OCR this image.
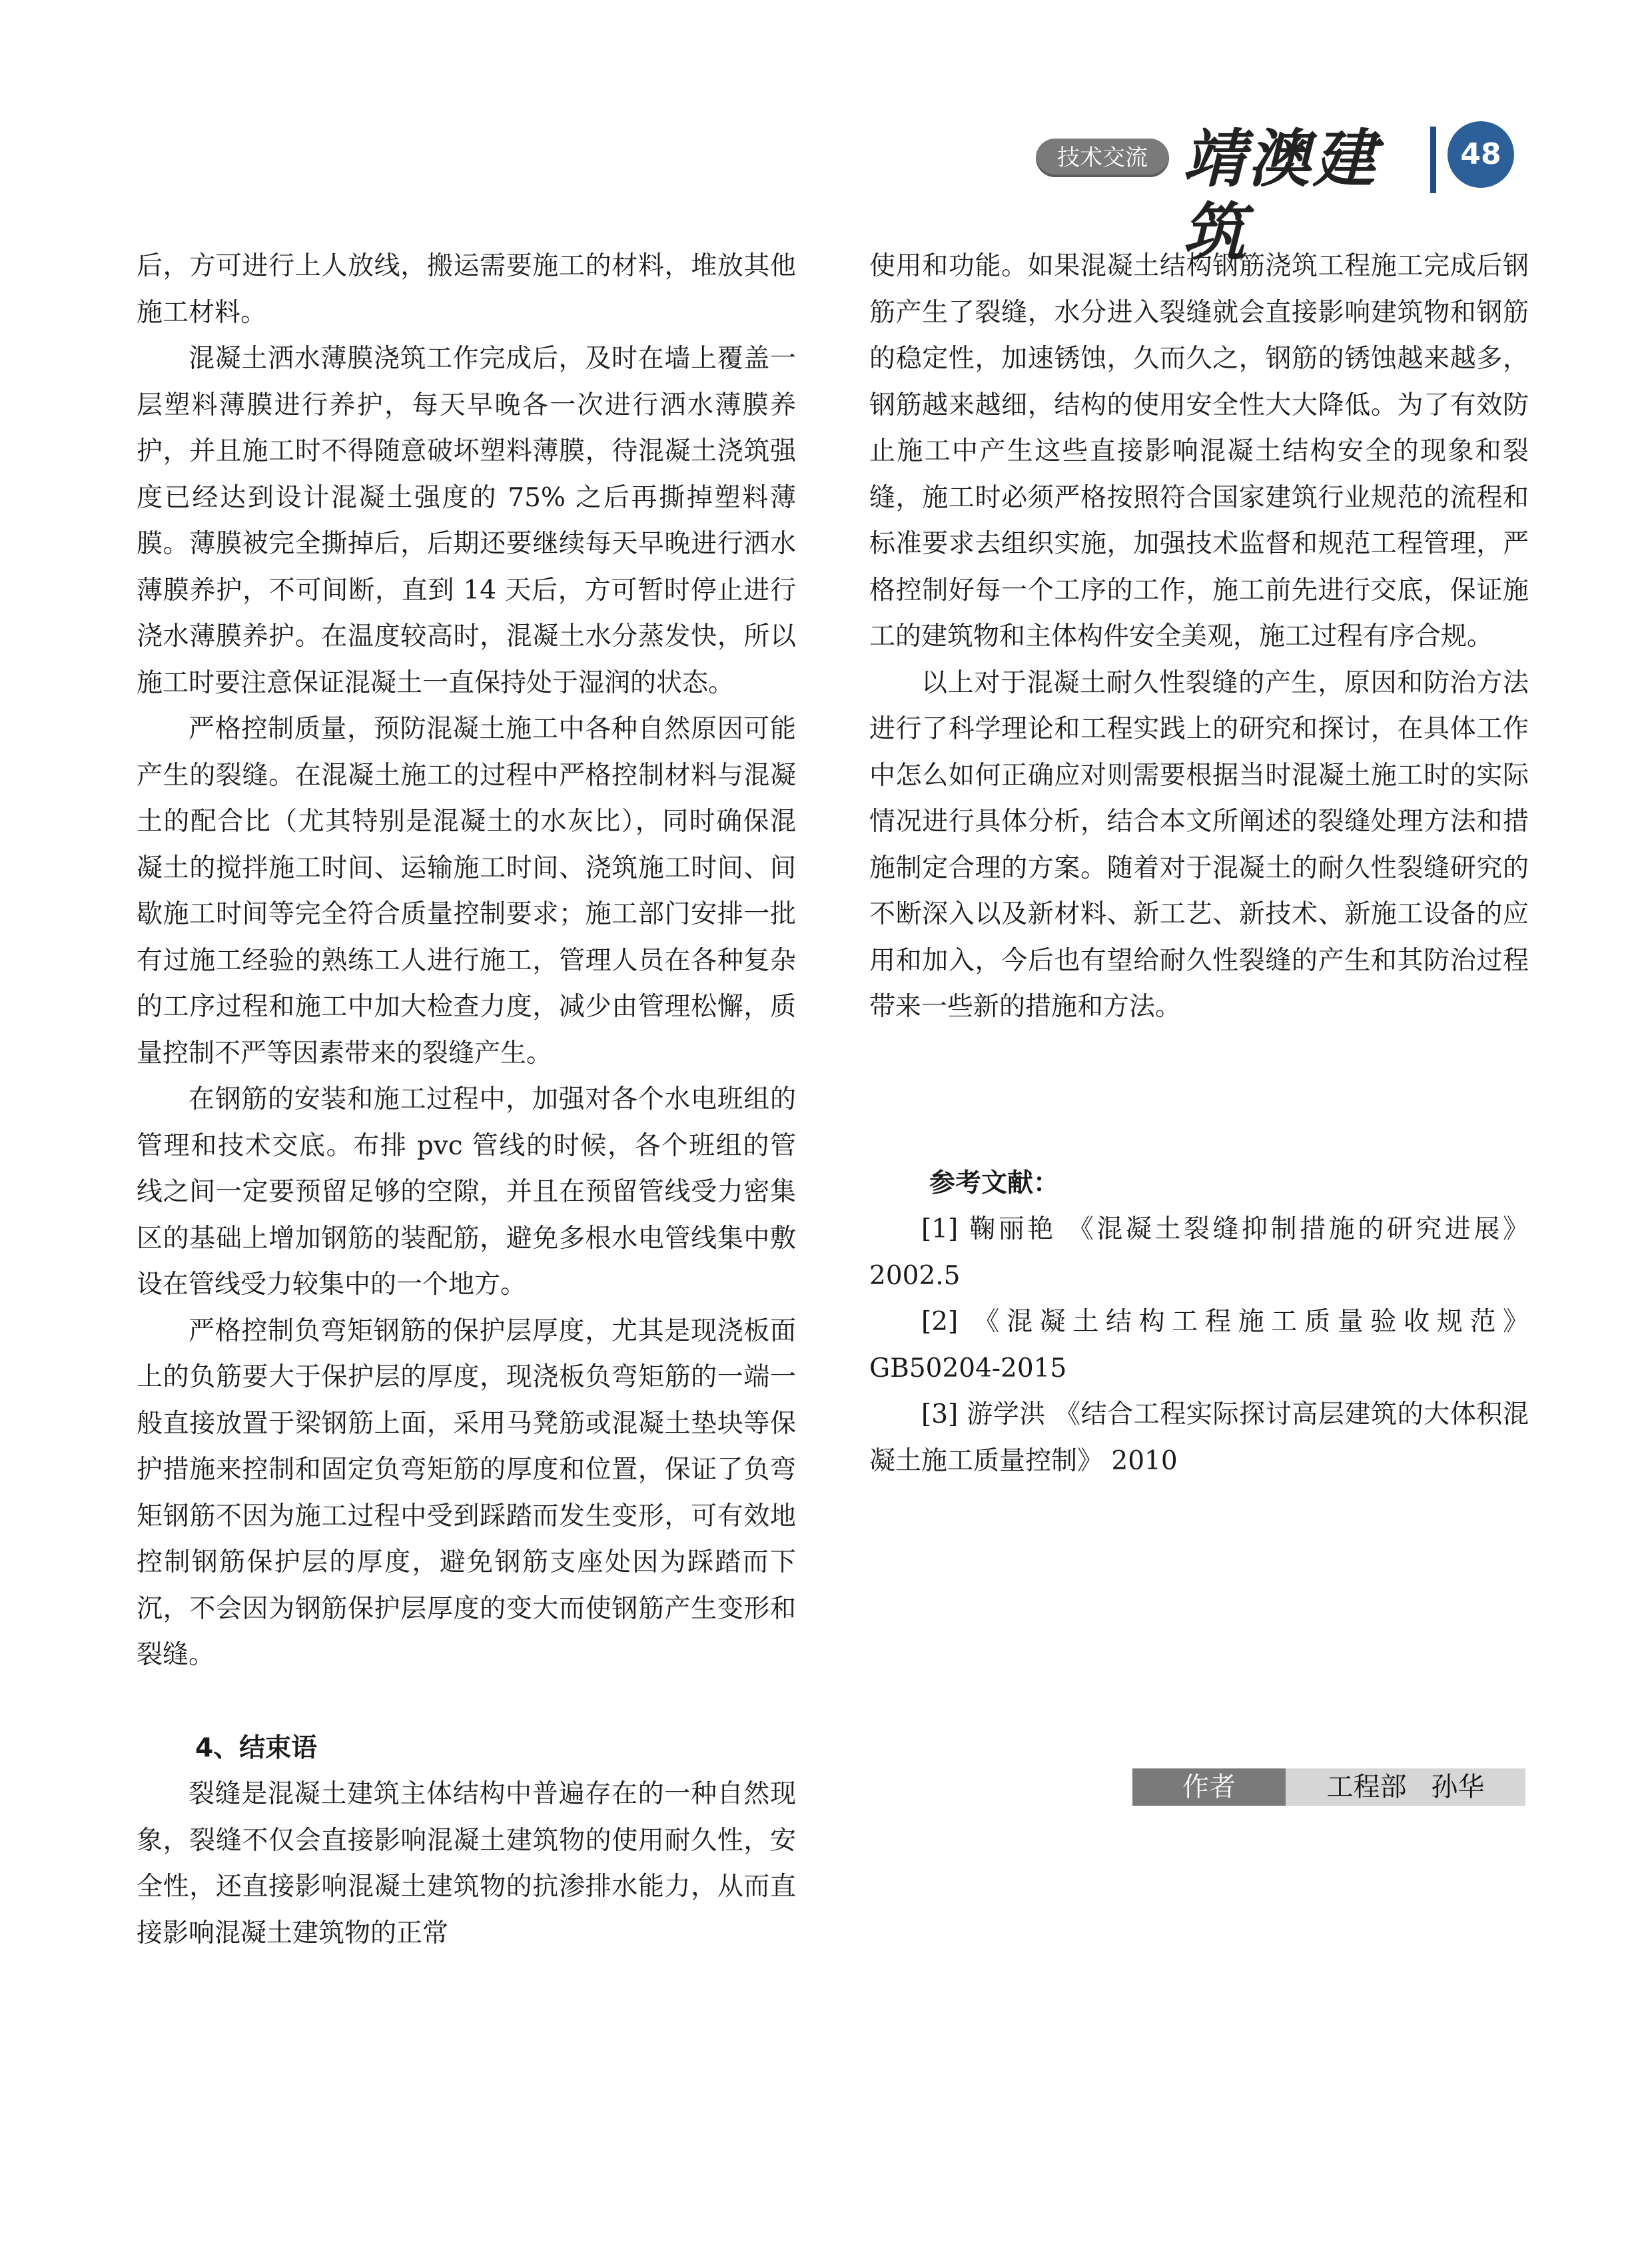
技术交流 靖澳建筑
48

后，方可进行上人放线，搬运需要施工的材料，堆放其他施工材料。

混凝土洒水薄膜浇筑工作完成后，及时在墙上覆盖一层塑料薄膜进行养护，每天早晚各一次进行洒水薄膜养护，并且施工时不得随意破坏塑料薄膜，待混凝土浇筑强度已经达到设计混凝土强度的 75% 之后再撕掉塑料薄膜。薄膜被完全撕掉后，后期还要继续每天早晚进行洒水薄膜养护，不可间断，直到 14 天后，方可暂时停止进行浇水薄膜养护。在温度较高时，混凝土水分蒸发快，所以施工时要注意保证混凝土一直保持处于湿润的状态。

严格控制质量，预防混凝土施工中各种自然原因可能产生的裂缝。在混凝土施工的过程中严格控制材料与混凝土的配合比（尤其特别是混凝土的水灰比），同时确保混凝土的搅拌施工时间、运输施工时间、浇筑施工时间、间歇施工时间等完全符合质量控制要求；施工部门安排一批有过施工经验的熟练工人进行施工，管理人员在各种复杂的工序过程和施工中加大检查力度，减少由管理松懈，质量控制不严等因素带来的裂缝产生。

在钢筋的安装和施工过程中，加强对各个水电班组的管理和技术交底。布排 pvc 管线的时候，各个班组的管线之间一定要预留足够的空隙，并且在预留管线受力密集区的基础上增加钢筋的装配筋，避免多根水电管线集中敷设在管线受力较集中的一个地方。

严格控制负弯矩钢筋的保护层厚度，尤其是现浇板面上的负筋要大于保护层的厚度，现浇板负弯矩筋的一端一般直接放置于梁钢筋上面，采用马凳筋或混凝土垫块等保护措施来控制和固定负弯矩筋的厚度和位置，保证了负弯矩钢筋不因为施工过程中受到踩踏而发生变形，可有效地控制钢筋保护层的厚度，避免钢筋支座处因为踩踏而下沉，不会因为钢筋保护层厚度的变大而使钢筋产生变形和裂缝。

4、结束语

裂缝是混凝土建筑主体结构中普遍存在的一种自然现象，裂缝不仅会直接影响混凝土建筑物的使用耐久性，安全性，还直接影响混凝土建筑物的抗渗排水能力，从而直接影响混凝土建筑物的正常

使用和功能。如果混凝土结构钢筋浇筑工程施工完成后钢筋产生了裂缝，水分进入裂缝就会直接影响建筑物和钢筋的稳定性，加速锈蚀，久而久之，钢筋的锈蚀越来越多，钢筋越来越细，结构的使用安全性大大降低。为了有效防止施工中产生这些直接影响混凝土结构安全的现象和裂缝，施工时必须严格按照符合国家建筑行业规范的流程和标准要求去组织实施，加强技术监督和规范工程管理，严格控制好每一个工序的工作，施工前先进行交底，保证施工的建筑物和主体构件安全美观，施工过程有序合规。

以上对于混凝土耐久性裂缝的产生，原因和防治方法进行了科学理论和工程实践上的研究和探讨，在具体工作中怎么如何正确应对则需要根据当时混凝土施工时的实际情况进行具体分析，结合本文所阐述的裂缝处理方法和措施制定合理的方案。随着对于混凝土的耐久性裂缝研究的不断深入以及新材料、新工艺、新技术、新施工设备的应用和加入，今后也有望给耐久性裂缝的产生和其防治过程带来一些新的措施和方法。

参考文献：

[1] 鞠丽艳 《混凝土裂缝抑制措施的研究进展》 2002.5

[2] 《混凝土结构工程施工质量验收规范》 GB50204-2015

[3] 游学洪 《结合工程实际探讨高层建筑的大体积混凝土施工质量控制》 2010

作者	工程部 孙华
